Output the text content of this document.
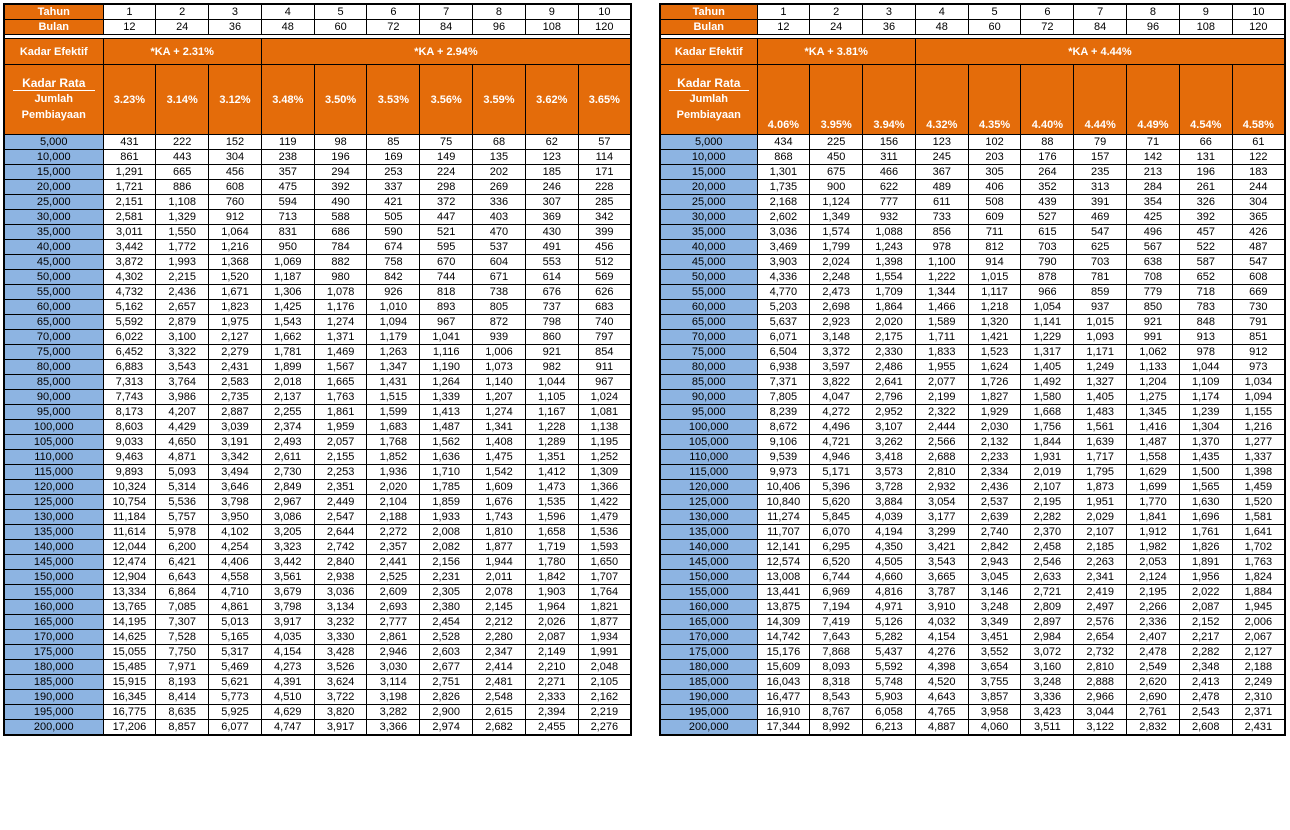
Tahun	1	2	3	4	5	6	7	8	9	10
Bulan	12	24	36	48	60	72	84	96	108	120

Kadar Efektif	*KA + 2.31%			*KA + 2.94%						

Kadar Rata
Jumlah Pembiayaan	3.23%	3.14%	3.12%	3.48%	3.50%	3.53%	3.56%	3.59%	3.62%	3.65%
5,000	431	222	152	119	98	85	75	68	62	57
10,000	861	443	304	238	196	169	149	135	123	114
15,000	1,291	665	456	357	294	253	224	202	185	171
20,000	1,721	886	608	475	392	337	298	269	246	228
25,000	2,151	1,108	760	594	490	421	372	336	307	285
30,000	2,581	1,329	912	713	588	505	447	403	369	342
35,000	3,011	1,550	1,064	831	686	590	521	470	430	399
40,000	3,442	1,772	1,216	950	784	674	595	537	491	456
45,000	3,872	1,993	1,368	1,069	882	758	670	604	553	512
50,000	4,302	2,215	1,520	1,187	980	842	744	671	614	569
55,000	4,732	2,436	1,671	1,306	1,078	926	818	738	676	626
60,000	5,162	2,657	1,823	1,425	1,176	1,010	893	805	737	683
65,000	5,592	2,879	1,975	1,543	1,274	1,094	967	872	798	740
70,000	6,022	3,100	2,127	1,662	1,371	1,179	1,041	939	860	797
75,000	6,452	3,322	2,279	1,781	1,469	1,263	1,116	1,006	921	854
80,000	6,883	3,543	2,431	1,899	1,567	1,347	1,190	1,073	982	911
85,000	7,313	3,764	2,583	2,018	1,665	1,431	1,264	1,140	1,044	967
90,000	7,743	3,986	2,735	2,137	1,763	1,515	1,339	1,207	1,105	1,024
95,000	8,173	4,207	2,887	2,255	1,861	1,599	1,413	1,274	1,167	1,081
100,000	8,603	4,429	3,039	2,374	1,959	1,683	1,487	1,341	1,228	1,138
105,000	9,033	4,650	3,191	2,493	2,057	1,768	1,562	1,408	1,289	1,195
110,000	9,463	4,871	3,342	2,611	2,155	1,852	1,636	1,475	1,351	1,252
115,000	9,893	5,093	3,494	2,730	2,253	1,936	1,710	1,542	1,412	1,309
120,000	10,324	5,314	3,646	2,849	2,351	2,020	1,785	1,609	1,473	1,366
125,000	10,754	5,536	3,798	2,967	2,449	2,104	1,859	1,676	1,535	1,422
130,000	11,184	5,757	3,950	3,086	2,547	2,188	1,933	1,743	1,596	1,479
135,000	11,614	5,978	4,102	3,205	2,644	2,272	2,008	1,810	1,658	1,536
140,000	12,044	6,200	4,254	3,323	2,742	2,357	2,082	1,877	1,719	1,593
145,000	12,474	6,421	4,406	3,442	2,840	2,441	2,156	1,944	1,780	1,650
150,000	12,904	6,643	4,558	3,561	2,938	2,525	2,231	2,011	1,842	1,707
155,000	13,334	6,864	4,710	3,679	3,036	2,609	2,305	2,078	1,903	1,764
160,000	13,765	7,085	4,861	3,798	3,134	2,693	2,380	2,145	1,964	1,821
165,000	14,195	7,307	5,013	3,917	3,232	2,777	2,454	2,212	2,026	1,877
170,000	14,625	7,528	5,165	4,035	3,330	2,861	2,528	2,280	2,087	1,934
175,000	15,055	7,750	5,317	4,154	3,428	2,946	2,603	2,347	2,149	1,991
180,000	15,485	7,971	5,469	4,273	3,526	3,030	2,677	2,414	2,210	2,048
185,000	15,915	8,193	5,621	4,391	3,624	3,114	2,751	2,481	2,271	2,105
190,000	16,345	8,414	5,773	4,510	3,722	3,198	2,826	2,548	2,333	2,162
195,000	16,775	8,635	5,925	4,629	3,820	3,282	2,900	2,615	2,394	2,219
200,000	17,206	8,857	6,077	4,747	3,917	3,366	2,974	2,682	2,455	2,276
Tahun	1	2	3	4	5	6	7	8	9	10
Bulan	12	24	36	48	60	72	84	96	108	120

Kadar Efektif	*KA + 3.81%			*KA + 4.44%						

Kadar Rata
Jumlah Pembiayaan	4.06%	3.95%	3.94%	4.32%	4.35%	4.40%	4.44%	4.49%	4.54%	4.58%
5,000	434	225	156	123	102	88	79	71	66	61
10,000	868	450	311	245	203	176	157	142	131	122
15,000	1,301	675	466	367	305	264	235	213	196	183
20,000	1,735	900	622	489	406	352	313	284	261	244
25,000	2,168	1,124	777	611	508	439	391	354	326	304
30,000	2,602	1,349	932	733	609	527	469	425	392	365
35,000	3,036	1,574	1,088	856	711	615	547	496	457	426
40,000	3,469	1,799	1,243	978	812	703	625	567	522	487
45,000	3,903	2,024	1,398	1,100	914	790	703	638	587	547
50,000	4,336	2,248	1,554	1,222	1,015	878	781	708	652	608
55,000	4,770	2,473	1,709	1,344	1,117	966	859	779	718	669
60,000	5,203	2,698	1,864	1,466	1,218	1,054	937	850	783	730
65,000	5,637	2,923	2,020	1,589	1,320	1,141	1,015	921	848	791
70,000	6,071	3,148	2,175	1,711	1,421	1,229	1,093	991	913	851
75,000	6,504	3,372	2,330	1,833	1,523	1,317	1,171	1,062	978	912
80,000	6,938	3,597	2,486	1,955	1,624	1,405	1,249	1,133	1,044	973
85,000	7,371	3,822	2,641	2,077	1,726	1,492	1,327	1,204	1,109	1,034
90,000	7,805	4,047	2,796	2,199	1,827	1,580	1,405	1,275	1,174	1,094
95,000	8,239	4,272	2,952	2,322	1,929	1,668	1,483	1,345	1,239	1,155
100,000	8,672	4,496	3,107	2,444	2,030	1,756	1,561	1,416	1,304	1,216
105,000	9,106	4,721	3,262	2,566	2,132	1,844	1,639	1,487	1,370	1,277
110,000	9,539	4,946	3,418	2,688	2,233	1,931	1,717	1,558	1,435	1,337
115,000	9,973	5,171	3,573	2,810	2,334	2,019	1,795	1,629	1,500	1,398
120,000	10,406	5,396	3,728	2,932	2,436	2,107	1,873	1,699	1,565	1,459
125,000	10,840	5,620	3,884	3,054	2,537	2,195	1,951	1,770	1,630	1,520
130,000	11,274	5,845	4,039	3,177	2,639	2,282	2,029	1,841	1,696	1,581
135,000	11,707	6,070	4,194	3,299	2,740	2,370	2,107	1,912	1,761	1,641
140,000	12,141	6,295	4,350	3,421	2,842	2,458	2,185	1,982	1,826	1,702
145,000	12,574	6,520	4,505	3,543	2,943	2,546	2,263	2,053	1,891	1,763
150,000	13,008	6,744	4,660	3,665	3,045	2,633	2,341	2,124	1,956	1,824
155,000	13,441	6,969	4,816	3,787	3,146	2,721	2,419	2,195	2,022	1,884
160,000	13,875	7,194	4,971	3,910	3,248	2,809	2,497	2,266	2,087	1,945
165,000	14,309	7,419	5,126	4,032	3,349	2,897	2,576	2,336	2,152	2,006
170,000	14,742	7,643	5,282	4,154	3,451	2,984	2,654	2,407	2,217	2,067
175,000	15,176	7,868	5,437	4,276	3,552	3,072	2,732	2,478	2,282	2,127
180,000	15,609	8,093	5,592	4,398	3,654	3,160	2,810	2,549	2,348	2,188
185,000	16,043	8,318	5,748	4,520	3,755	3,248	2,888	2,620	2,413	2,249
190,000	16,477	8,543	5,903	4,643	3,857	3,336	2,966	2,690	2,478	2,310
195,000	16,910	8,767	6,058	4,765	3,958	3,423	3,044	2,761	2,543	2,371
200,000	17,344	8,992	6,213	4,887	4,060	3,511	3,122	2,832	2,608	2,431
